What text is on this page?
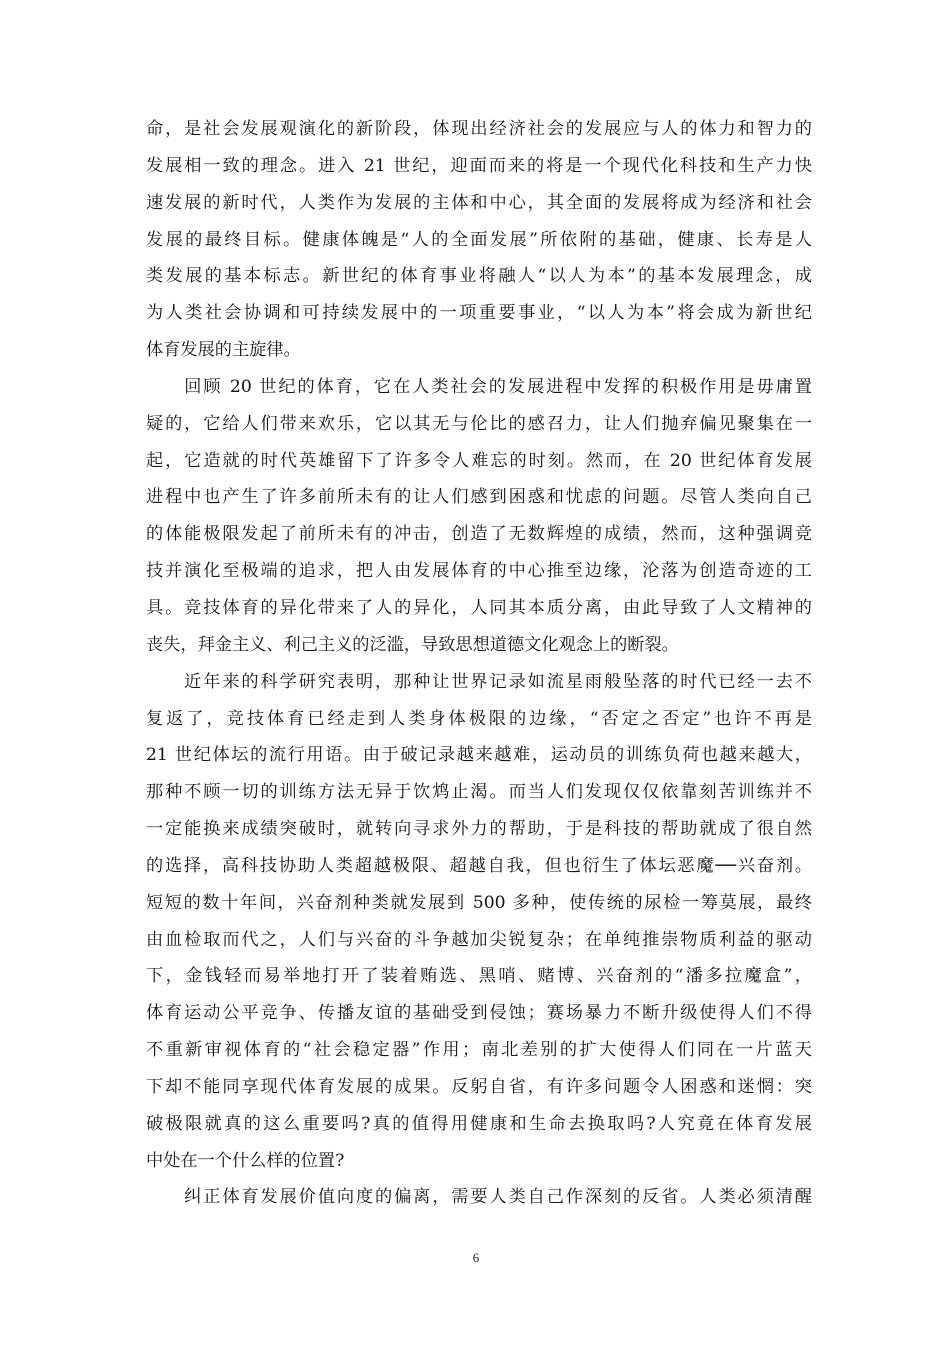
命，是社会发展观演化的新阶段，体现出经济社会的发展应与人的体力和智力的
发展相一致的理念。进入 21 世纪，迎面而来的将是一个现代化科技和生产力快
速发展的新时代，人类作为发展的主体和中心，其全面的发展将成为经济和社会
发展的最终目标。健康体魄是“人的全面发展”所依附的基础，健康、长寿是人
类发展的基本标志。新世纪的体育事业将融人“以人为本”的基本发展理念，成
为人类社会协调和可持续发展中的一项重要事业，“以人为本”将会成为新世纪
体育发展的主旋律。
　　回顾 20 世纪的体育，它在人类社会的发展进程中发挥的积极作用是毋庸置
疑的，它给人们带来欢乐，它以其无与伦比的感召力，让人们抛弃偏见聚集在一
起，它造就的时代英雄留下了许多令人难忘的时刻。然而，在 20 世纪体育发展
进程中也产生了许多前所未有的让人们感到困惑和忧虑的问题。尽管人类向自己
的体能极限发起了前所未有的冲击，创造了无数辉煌的成绩，然而，这种强调竞
技并演化至极端的追求，把人由发展体育的中心推至边缘，沦落为创造奇迹的工
具。竞技体育的异化带来了人的异化，人同其本质分离，由此导致了人文精神的
丧失，拜金主义、利己主义的泛滥，导致思想道德文化观念上的断裂。
　　近年来的科学研究表明，那种让世界记录如流星雨般坠落的时代已经一去不
复返了，竞技体育已经走到人类身体极限的边缘，“否定之否定”也许不再是
21 世纪体坛的流行用语。由于破记录越来越难，运动员的训练负荷也越来越大，
那种不顾一切的训练方法无异于饮鸩止渴。而当人们发现仅仅依靠刻苦训练并不
一定能换来成绩突破时，就转向寻求外力的帮助，于是科技的帮助就成了很自然
的选择，高科技协助人类超越极限、超越自我，但也衍生了体坛恶魔──兴奋剂。
短短的数十年间，兴奋剂种类就发展到 500 多种，使传统的尿检一筹莫展，最终
由血检取而代之，人们与兴奋的斗争越加尖锐复杂；在单纯推崇物质利益的驱动
下，金钱轻而易举地打开了装着贿选、黑哨、赌博、兴奋剂的“潘多拉魔盒”，
体育运动公平竞争、传播友谊的基础受到侵蚀；赛场暴力不断升级使得人们不得
不重新审视体育的“社会稳定器”作用；南北差别的扩大使得人们同在一片蓝天
下却不能同享现代体育发展的成果。反躬自省，有许多问题令人困惑和迷惘：突
破极限就真的这么重要吗?真的值得用健康和生命去换取吗?人究竟在体育发展
中处在一个什么样的位置?
　　纠正体育发展价值向度的偏离，需要人类自己作深刻的反省。人类必须清醒
6
